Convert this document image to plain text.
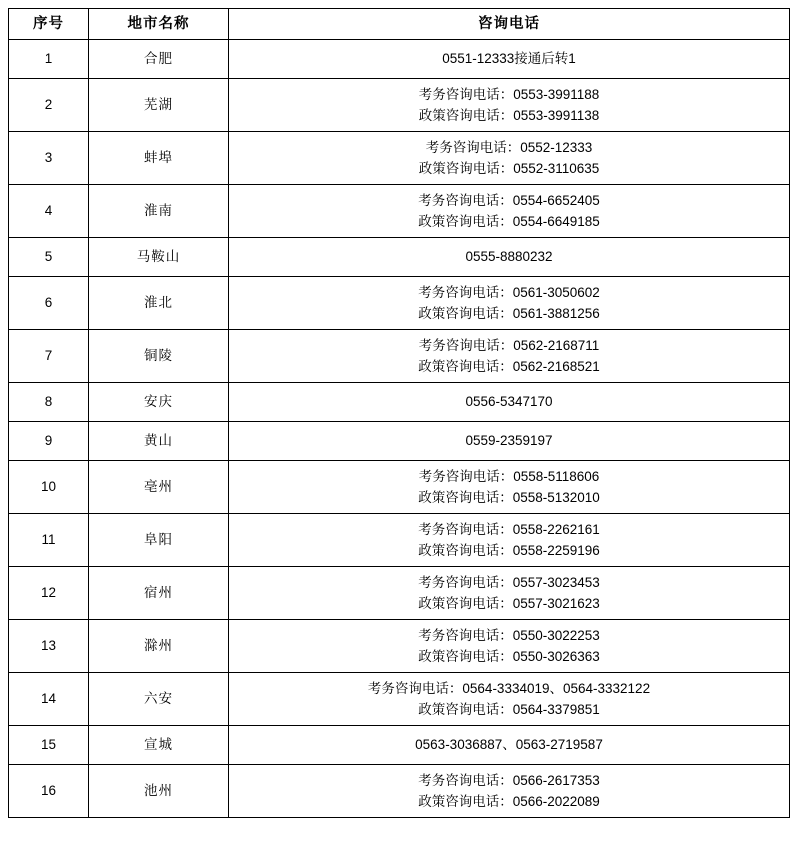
序号	地市名称	咨询电话
1	合肥	0551-12333接通后转1

2	芜湖	考务咨询电话：0553-3991188
政策咨询电话：0553-3991138

3	蚌埠	考务咨询电话：0552-12333
政策咨询电话：0552-3110635

4	淮南	考务咨询电话：0554-6652405
政策咨询电话：0554-6649185

5	马鞍山	0555-8880232

6	淮北	考务咨询电话：0561-3050602
政策咨询电话：0561-3881256

7	铜陵	考务咨询电话：0562-2168711
政策咨询电话：0562-2168521

8	安庆	0556-5347170

9	黄山	0559-2359197

10	亳州	考务咨询电话：0558-5118606
政策咨询电话：0558-5132010

11	阜阳	考务咨询电话：0558-2262161
政策咨询电话：0558-2259196

12	宿州	考务咨询电话：0557-3023453
政策咨询电话：0557-3021623

13	滁州	考务咨询电话：0550-3022253
政策咨询电话：0550-3026363

14	六安	考务咨询电话：0564-3334019、0564-3332122
政策咨询电话：0564-3379851

15	宣城	0563-3036887、0563-2719587

16	池州	考务咨询电话：0566-2617353
政策咨询电话：0566-2022089
